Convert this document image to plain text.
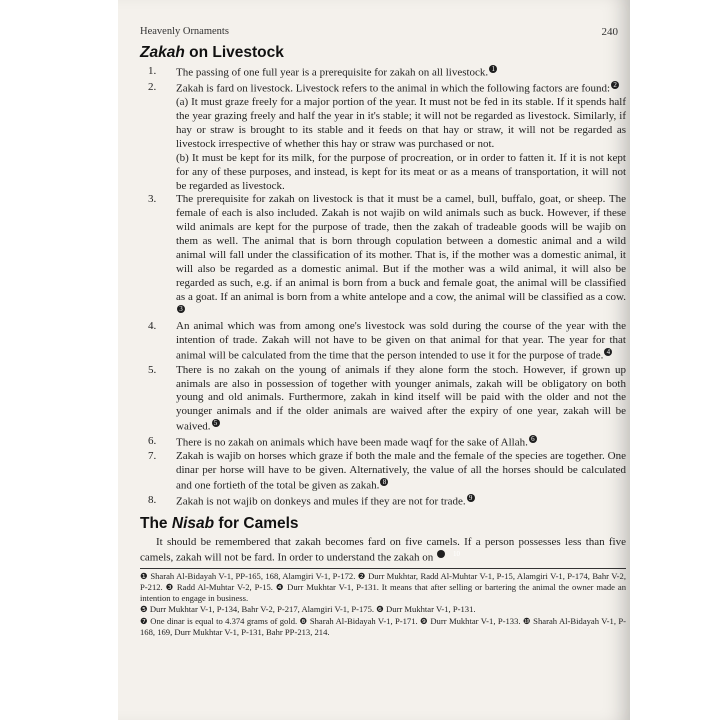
Heavenly Ornaments	240
Zakah on Livestock

1. The passing of one full year is a prerequisite for zakah on all livestock. $^1$

2. Zakah is fard on livestock. Livestock refers to the animal in which the following factors are found: $^2$

(a) It must graze freely for a major portion of the year. It must not be fed in its stable. If it spends half the year grazing freely and half the year in it's stable; it will not be regarded as livestock. Similarly, if hay or straw is brought to its stable and it feeds on that hay or straw, it will not be regarded as livestock irrespective of whether this hay or straw was purchased or not.

(b) It must be kept for its milk, for the purpose of procreation, or in order to fatten it. If it is not kept for any of these purposes, and instead, is kept for its meat or as a means of transportation, it will not be regarded as livestock.

3. The prerequisite for zakah on livestock is that it must be a camel, bull, buffalo, goat, or sheep. The female of each is also included. Zakah is not wajib on wild animals such as buck. However, if these wild animals are kept for the purpose of trade, then the zakah of tradeable goods will be wajib on them as well. The animal that is born through copulation between a domestic animal and a wild animal will fall under the classification of its mother. That is, if the mother was a domestic animal, it will also be regarded as a domestic animal. But if the mother was a wild animal, it will also be regarded as such, e.g. if an animal is born from a buck and female goat, the animal will be classified as a goat. If an animal is born from a white antelope and a cow, the animal will be classified as a cow.$^3$

4. An animal which was from among one's livestock was sold during the course of the year with the intention of trade. Zakah will not have to be given on that animal for that year. The year for that animal will be calculated from the time that the person intended to use it for the purpose of trade. $^4$

5. There is no zakah on the young of animals if they alone form the stoch. However, if grown up animals are also in possession of together with younger animals, zakah will be obligatory on both young and old animals. Furthermore, zakah in kind itself will be paid with the older and not the younger animals and if the older animals are waived after the expiry of one year, zakah will be waived. $^5$

6. There is no zakah on animals which have been made waqf for the sake of Allah. $^6$

7. Zakah is wajib on horses which graze if both the male and the female of the species are together. One dinar per horse will have to be given. Alternatively, the value of all the horses should be calculated and one fortieth of the total be given as zakah. $^8$

8. Zakah is not wajib on donkeys and mules if they are not for trade. $^9$

The Nisab for Camels

It should be remembered that zakah becomes fard on five camels. If a person possesses less than five camels, zakah will not be fard. In order to understand the zakah on	$^{10}$

❶ Sharah Al-Bidayah V-1, PP-165, 168, Alamgiri V-1, P-172. ❷ Durr Mukhtar, Radd Al-Muhtar V-1, P-15, Alamgiri V-1, P-174, Bahr V-2, P-212. ❸ Radd Al-Muhtar V-2, P-15. ❹ Durr Mukhtar V-1, P-131. It means that after selling or bartering the animal the owner made an intention to engage in business.

❺ Durr Mukhtar V-1, P-134, Bahr V-2, P-217, Alamgiri V-1, P-175. ❻ Durr Mukhtar V-1, P-131.

❼ One dinar is equal to 4.374 grams of gold. ❽ Sharah Al-Bidayah V-1, P-171. ❾ Durr Mukhtar V-1, P-133. ❿ Sharah Al-Bidayah V-1, P-168, 169, Durr Mukhtar V-1, P-131, Bahr PP-213, 214.
